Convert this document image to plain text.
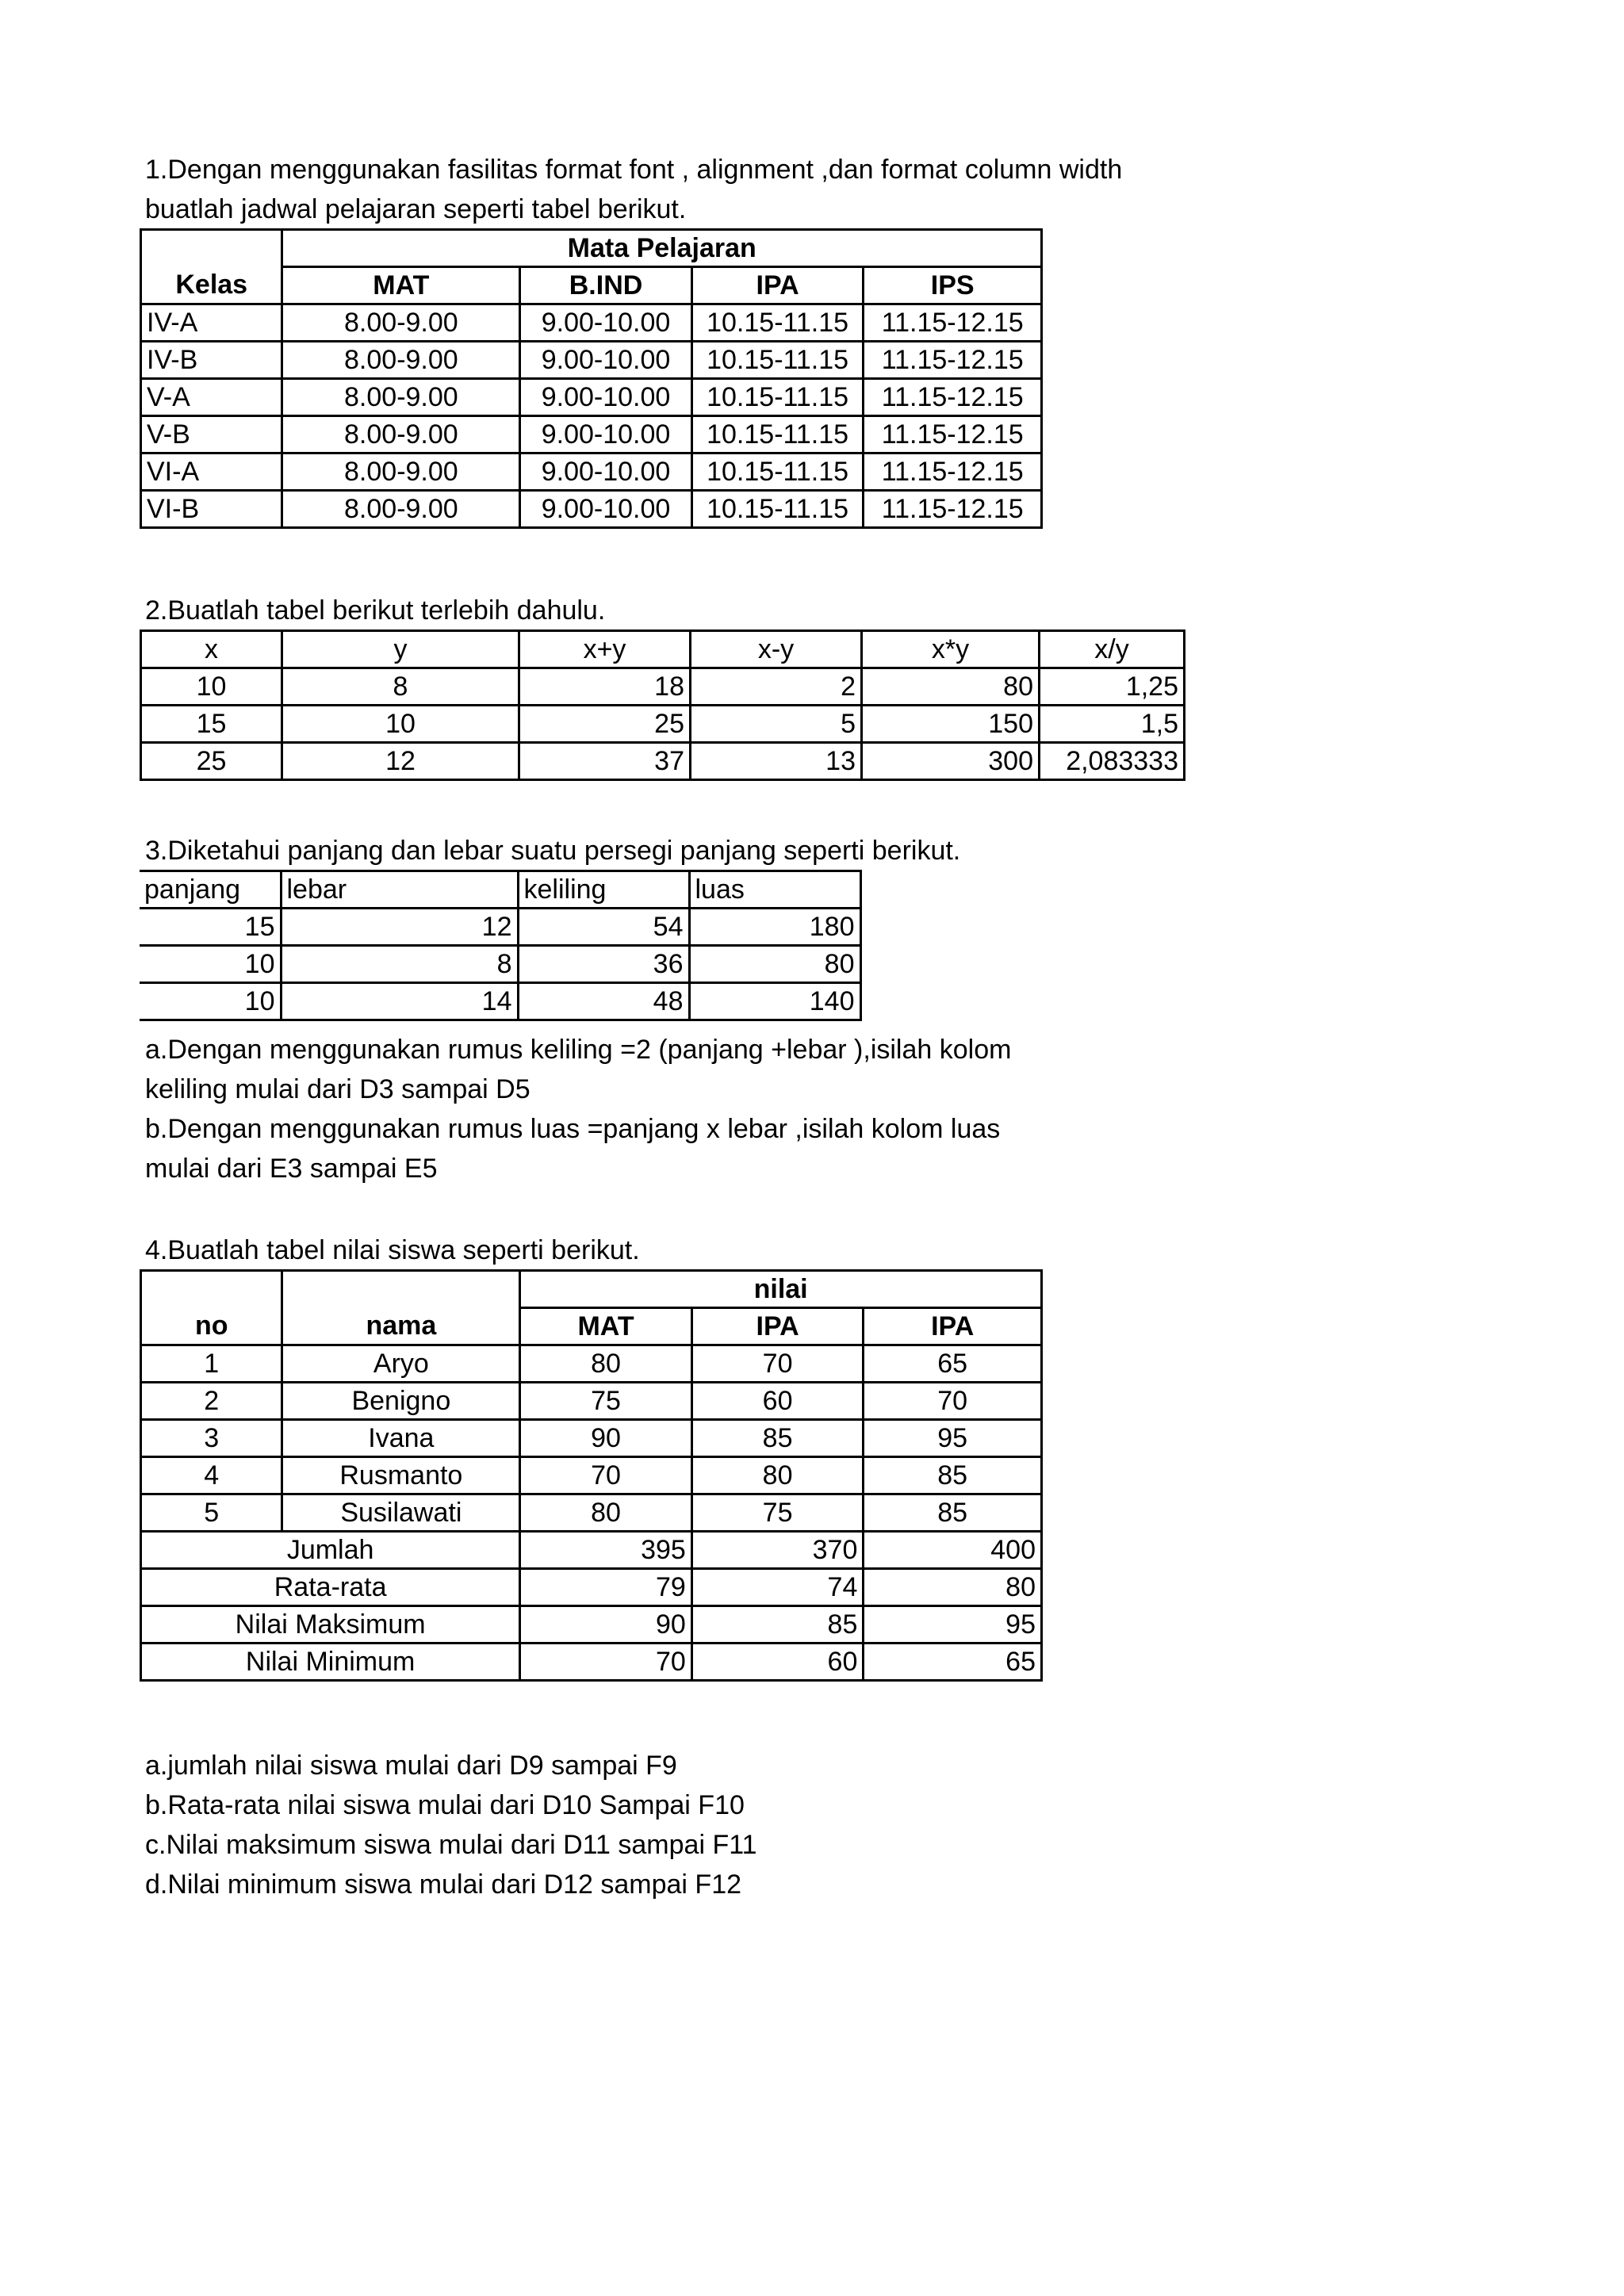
1.Dengan menggunakan fasilitas format font , alignment ,dan format column width
buatlah jadwal pelajaran seperti tabel berikut.
	Mata Pelajaran			
Kelas	MAT	B.IND	IPA	IPS
IV-A	8.00-9.00	9.00-10.00	10.15-11.15	11.15-12.15
IV-B	8.00-9.00	9.00-10.00	10.15-11.15	11.15-12.15
V-A	8.00-9.00	9.00-10.00	10.15-11.15	11.15-12.15
V-B	8.00-9.00	9.00-10.00	10.15-11.15	11.15-12.15
VI-A	8.00-9.00	9.00-10.00	10.15-11.15	11.15-12.15
VI-B	8.00-9.00	9.00-10.00	10.15-11.15	11.15-12.15
2.Buatlah tabel berikut terlebih dahulu.
x	y	x+y	x-y	x*y	x/y
10	8	18	2	80	1,25
15	10	25	5	150	1,5
25	12	37	13	300	2,083333
3.Diketahui panjang dan lebar suatu persegi panjang seperti berikut.
panjang	lebar	keliling	luas
15	12	54	180
10	8	36	80
10	14	48	140
a.Dengan menggunakan rumus keliling =2 (panjang +lebar ),isilah kolom
keliling mulai dari D3 sampai D5
b.Dengan menggunakan rumus luas =panjang x lebar ,isilah kolom luas
mulai dari E3 sampai E5
4.Buatlah tabel nilai siswa seperti berikut.
		nilai		
no	nama	MAT	IPA	IPA
1	Aryo	80	70	65
2	Benigno	75	60	70
3	Ivana	90	85	95
4	Rusmanto	70	80	85
5	Susilawati	80	75	85
Jumlah		395	370	400
Rata-rata		79	74	80
Nilai Maksimum		90	85	95
Nilai Minimum		70	60	65
a.jumlah nilai siswa mulai dari D9 sampai F9
b.Rata-rata nilai siswa mulai dari D10 Sampai F10
c.Nilai maksimum siswa mulai dari D11 sampai F11
d.Nilai minimum siswa mulai dari D12 sampai F12
